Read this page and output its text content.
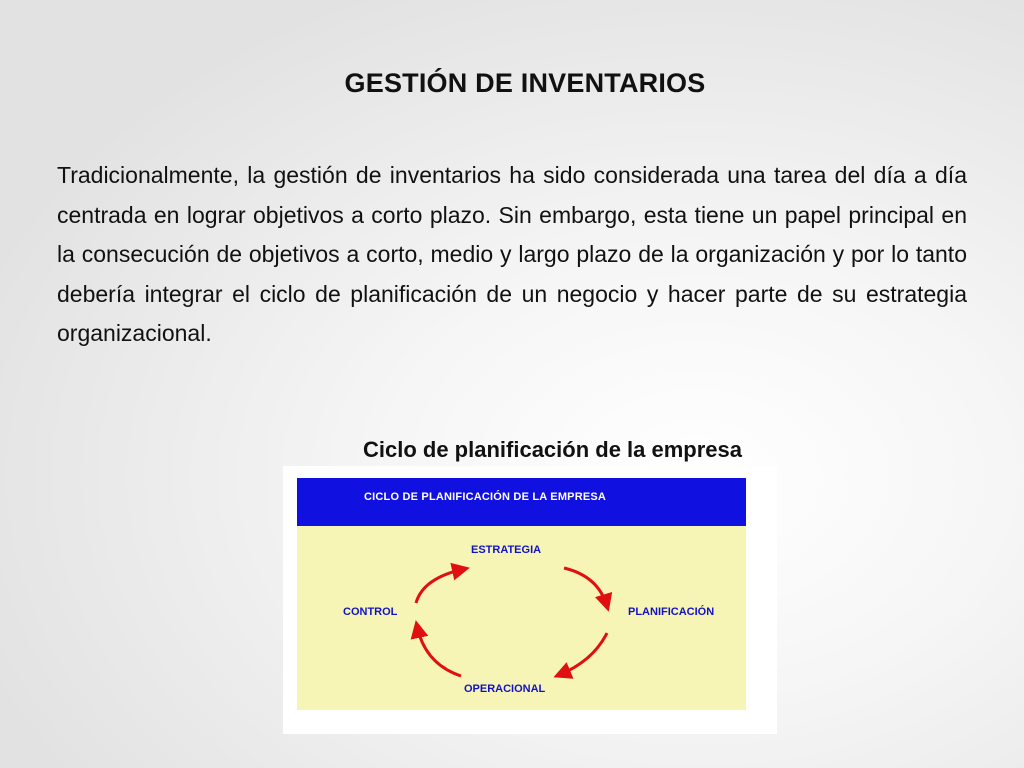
GESTIÓN DE INVENTARIOS

Tradicionalmente, la gestión de inventarios ha sido considerada una tarea del día a día centrada en lograr objetivos a corto plazo. Sin embargo, esta tiene un papel principal en la consecución de objetivos a corto, medio y largo plazo de la organización y por lo tanto debería integrar el ciclo de planificación de un negocio y hacer parte de su estrategia organizacional.

Ciclo de planificación de la empresa
CICLO DE PLANIFICACIÓN DE LA EMPRESA
ESTRATEGIA
PLANIFICACIÓN
OPERACIONAL
CONTROL
